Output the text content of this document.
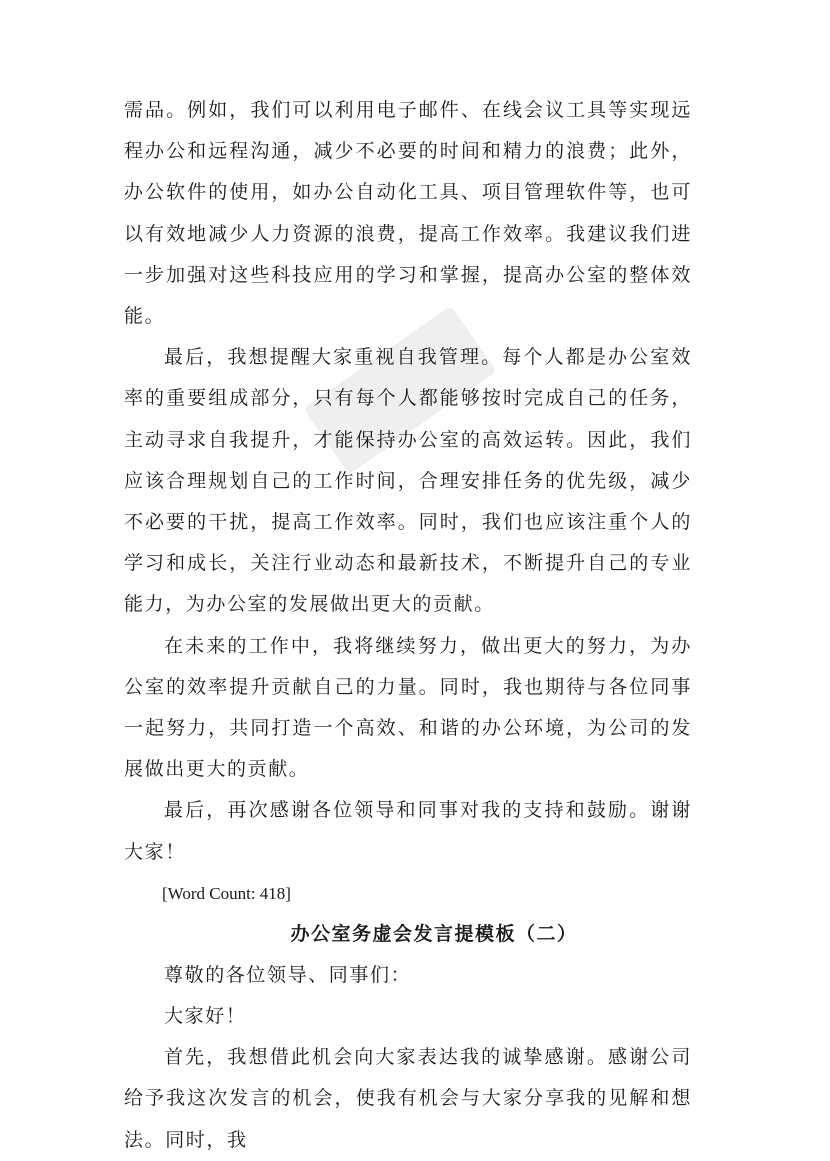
需品。例如，我们可以利用电子邮件、在线会议工具等实现远程办公和远程沟通，减少不必要的时间和精力的浪费；此外，办公软件的使用，如办公自动化工具、项目管理软件等，也可以有效地减少人力资源的浪费，提高工作效率。我建议我们进一步加强对这些科技应用的学习和掌握，提高办公室的整体效能。

最后，我想提醒大家重视自我管理。每个人都是办公室效率的重要组成部分，只有每个人都能够按时完成自己的任务，主动寻求自我提升，才能保持办公室的高效运转。因此，我们应该合理规划自己的工作时间，合理安排任务的优先级，减少不必要的干扰，提高工作效率。同时，我们也应该注重个人的学习和成长，关注行业动态和最新技术，不断提升自己的专业能力，为办公室的发展做出更大的贡献。

在未来的工作中，我将继续努力，做出更大的努力，为办公室的效率提升贡献自己的力量。同时，我也期待与各位同事一起努力，共同打造一个高效、和谐的办公环境，为公司的发展做出更大的贡献。

最后，再次感谢各位领导和同事对我的支持和鼓励。谢谢大家！

[Word Count: 418]

办公室务虚会发言提模板（二）

尊敬的各位领导、同事们：

大家好！

首先，我想借此机会向大家表达我的诚挚感谢。感谢公司给予我这次发言的机会，使我有机会与大家分享我的见解和想法。同时，我
